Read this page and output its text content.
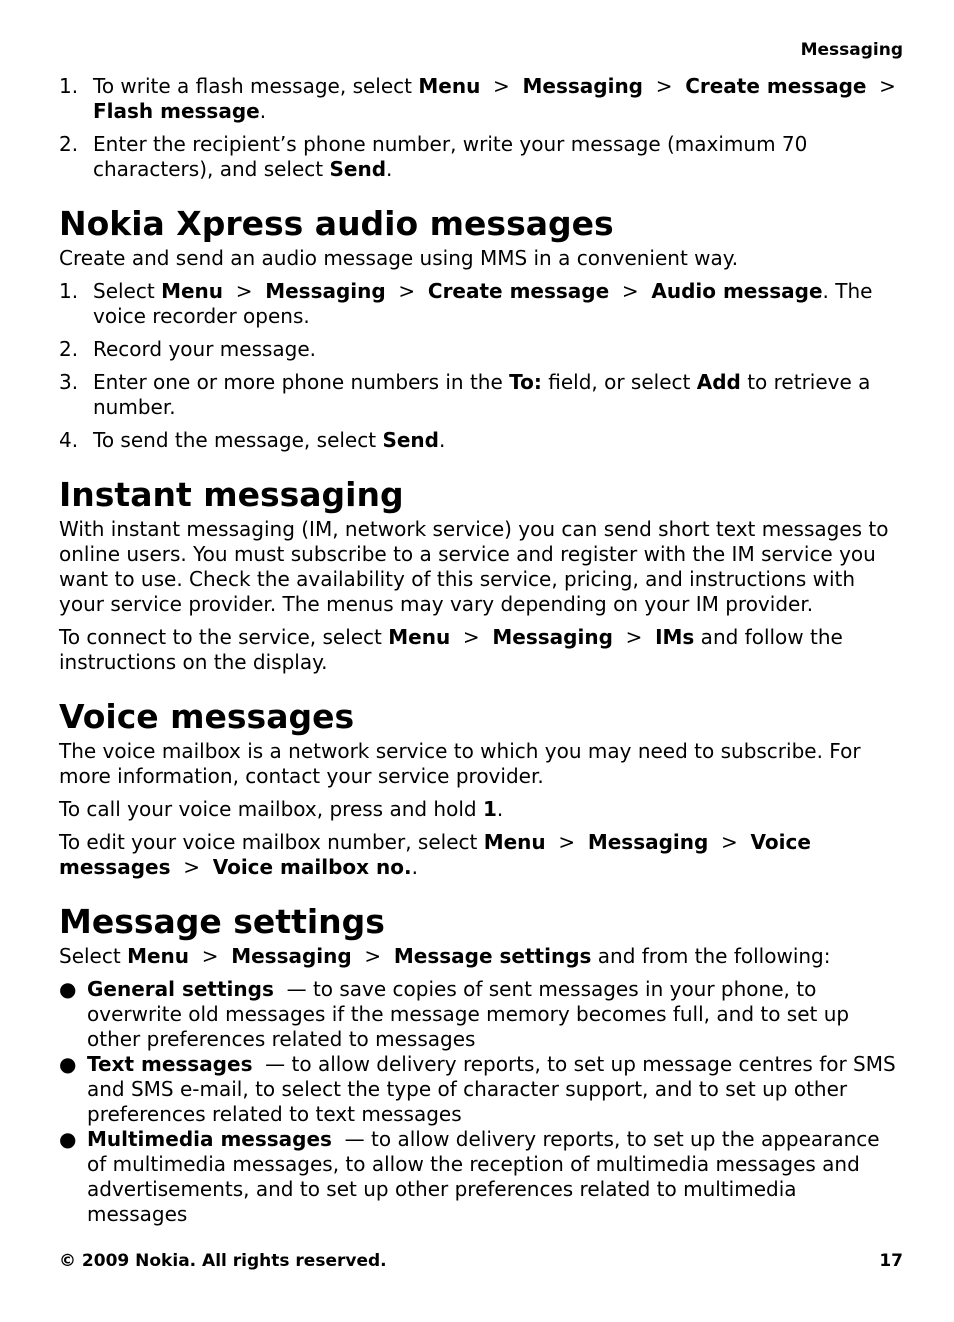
Messaging
1. To write a flash message, select Menu  >  Messaging  >  Create message  >  Flash message.
2. Enter the recipient’s phone number, write your message (maximum 70 characters), and select Send.
Nokia Xpress audio messages

Create and send an audio message using MMS in a convenient way.

1. Select Menu  >  Messaging  >  Create message  >  Audio message. The voice recorder opens.
2. Record your message.
3. Enter one or more phone numbers in the To: field, or select Add to retrieve a number.
4. To send the message, select Send.
Instant messaging

With instant messaging (IM, network service) you can send short text messages to online users. You must subscribe to a service and register with the IM service you want to use. Check the availability of this service, pricing, and instructions with your service provider. The menus may vary depending on your IM provider.

To connect to the service, select Menu  >  Messaging  >  IMs and follow the instructions on the display.

Voice messages

The voice mailbox is a network service to which you may need to subscribe. For more information, contact your service provider.

To call your voice mailbox, press and hold 1.

To edit your voice mailbox number, select Menu  >  Messaging  >  Voice messages  >  Voice mailbox no..

Message settings

Select Menu  >  Messaging  >  Message settings and from the following:

● General settings  — to save copies of sent messages in your phone, to overwrite old messages if the message memory becomes full, and to set up other preferences related to messages
● Text messages  — to allow delivery reports, to set up message centres for SMS and SMS e-mail, to select the type of character support, and to set up other preferences related to text messages
● Multimedia messages  — to allow delivery reports, to set up the appearance of multimedia messages, to allow the reception of multimedia messages and advertisements, and to set up other preferences related to multimedia messages
© 2009 Nokia. All rights reserved.	17
